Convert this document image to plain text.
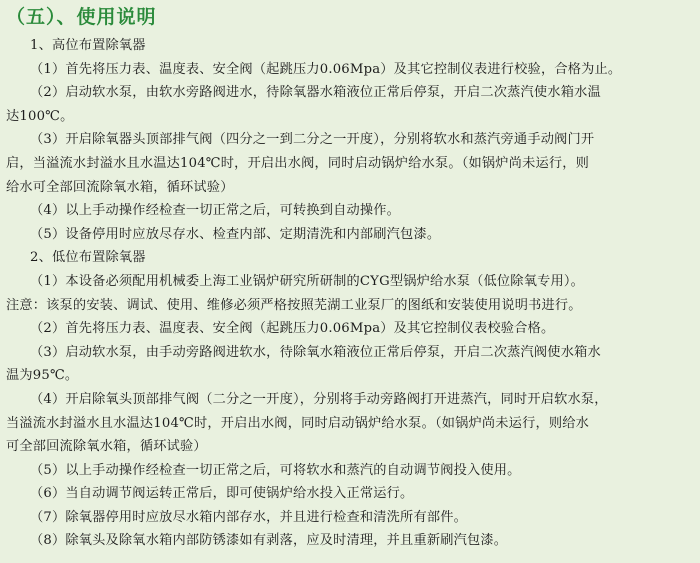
（五）、使用说明
1、高位布置除氧器
（1）首先将压力表、温度表、安全阀（起跳压力0.06Mpa）及其它控制仪表进行校验，合格为止。
（2）启动软水泵，由软水旁路阀进水，待除氧器水箱液位正常后停泵，开启二次蒸汽使水箱水温
达100℃。
（3）开启除氧器头顶部排气阀（四分之一到二分之一开度），分别将软水和蒸汽旁通手动阀门开
启，当溢流水封溢水且水温达104℃时，开启出水阀，同时启动锅炉给水泵。（如锅炉尚未运行，则
给水可全部回流除氧水箱，循环试验）
（4）以上手动操作经检查一切正常之后，可转换到自动操作。
（5）设备停用时应放尽存水、检查内部、定期清洗和内部刷汽包漆。
2、低位布置除氧器
（1）本设备必须配用机械委上海工业锅炉研究所研制的CYG型锅炉给水泵（低位除氧专用）。
注意：该泵的安装、调试、使用、维修必须严格按照芜湖工业泵厂的图纸和安装使用说明书进行。
（2）首先将压力表、温度表、安全阀（起跳压力0.06Mpa）及其它控制仪表校验合格。
（3）启动软水泵，由手动旁路阀进软水，待除氧水箱液位正常后停泵，开启二次蒸汽阀使水箱水
温为95℃。
（4）开启除氧头顶部排气阀（二分之一开度），分别将手动旁路阀打开进蒸汽，同时开启软水泵，
当溢流水封溢水且水温达104℃时，开启出水阀，同时启动锅炉给水泵。（如锅炉尚未运行，则给水
可全部回流除氧水箱，循环试验）
（5）以上手动操作经检查一切正常之后，可将软水和蒸汽的自动调节阀投入使用。
（6）当自动调节阀运转正常后，即可使锅炉给水投入正常运行。
（7）除氧器停用时应放尽水箱内部存水，并且进行检查和清洗所有部件。
（8）除氧头及除氧水箱内部防锈漆如有剥落，应及时清理，并且重新刷汽包漆。
